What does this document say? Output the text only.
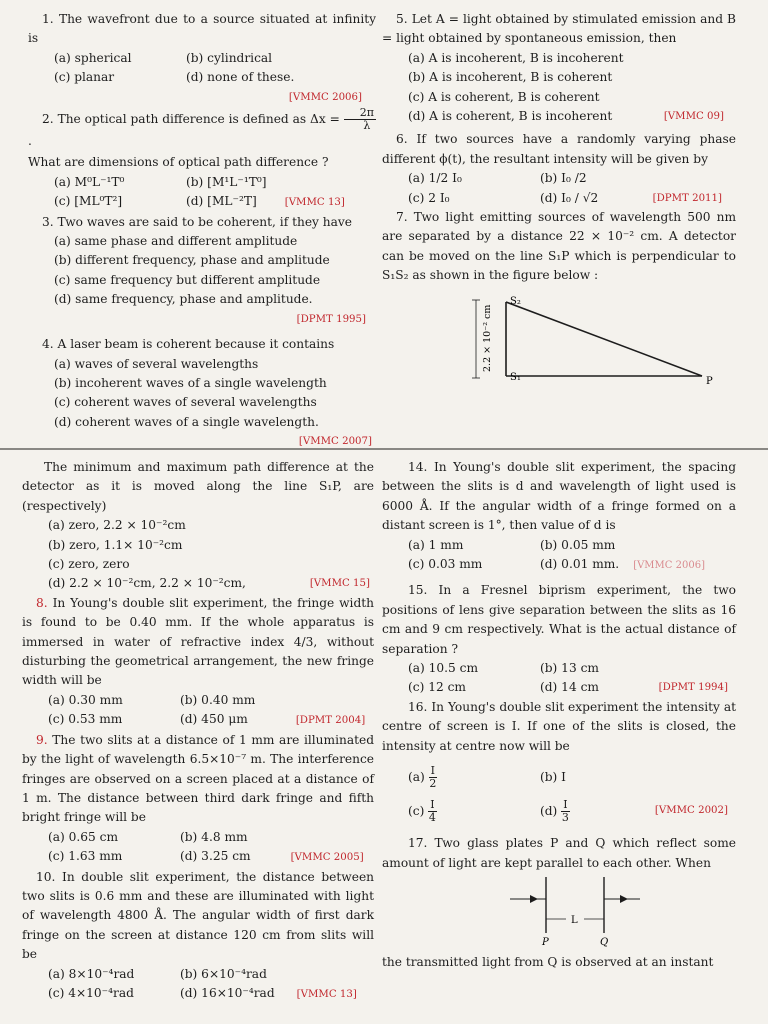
1. The wavefront due to a source situated at infinity is

(a) spherical	(b) cylindrical
(c) planar	(d) none of these.
[VMMC 2006]

2. The optical path difference is defined as $\Delta x = \frac{2\pi}{\lambda}$
.

What are dimensions of optical path difference ?

(a) M⁰L⁻¹T⁰	(b) [M¹L⁻¹T⁰]
(c) [ML⁰T²]	(d) [ML⁻²T]	[VMMC 13]

3. Two waves are said to be coherent, if they have

(a) same phase and different amplitude
(b) different frequency, phase and amplitude
(c) same frequency but different amplitude
(d) same frequency, phase and amplitude.
[DPMT 1995]

4. A laser beam is coherent because it contains

(a) waves of several wavelengths
(b) incoherent waves of a single wavelength
(c) coherent waves of several wavelengths
(d) coherent waves of a single wavelength.
[VMMC 2007]

5. Let A = light obtained by stimulated emission and B = light obtained by spontaneous emission, then

(a) A is incoherent, B is incoherent
(b) A is incoherent, B is coherent
(c) A is coherent, B is coherent
(d) A is coherent, B is incoherent	[VMMC 09]

6. If two sources have a randomly varying phase different ϕ(t), the resultant intensity will be given by

(a) 1/2 I₀	(b) I₀ /2
(c) 2 I₀	(d) I₀ / √2	[DPMT 2011]

7. Two light emitting sources of wavelength 500 nm are separated by a distance 22 × 10⁻² cm. A detector can be moved on the line S₁P which is perpendicular to S₁S₂ as shown in the figure below :

S₂
S₁	P
2.2 × 10⁻² cm

The minimum and maximum path difference at the detector as it is moved along the line S₁P, are (respectively)

(a) zero, 2.2 × 10⁻²cm
(b) zero, 1.1× 10⁻²cm
(c) zero, zero
(d) 2.2 × 10⁻²cm, 2.2 × 10⁻²cm,	[VMMC 15]

8. In Young's double slit experiment, the fringe width is found to be 0.40 mm. If the whole apparatus is immersed in water of refractive index 4/3, without disturbing the geometrical arrangement, the new fringe width will be

(a) 0.30 mm	(b) 0.40 mm
(c) 0.53 mm	(d) 450 μm	[DPMT 2004]

9. The two slits at a distance of 1 mm are illuminated by the light of wavelength 6.5×10⁻⁷ m. The interference fringes are observed on a screen placed at a distance of 1 m. The distance between third dark fringe and fifth bright fringe will be

(a) 0.65 cm	(b) 4.8 mm
(c) 1.63 mm	(d) 3.25 cm	[VMMC 2005]

10. In double slit experiment, the distance between two slits is 0.6 mm and these are illuminated with light of wavelength 4800 Å. The angular width of first dark fringe on the screen at distance 120 cm from slits will be

(a) 8×10⁻⁴rad	(b) 6×10⁻⁴rad
(c) 4×10⁻⁴rad	(d) 16×10⁻⁴rad [VMMC 13]

14. In Young's double slit experiment, the spacing between the slits is d and wavelength of light used is 6000 Å. If the angular width of a fringe formed on a distant screen is 1°, then value of d is

(a) 1 mm	(b) 0.05 mm
(c) 0.03 mm	(d) 0.01 mm. [VMMC 2006]

15. In a Fresnel biprism experiment, the two positions of lens give separation between the slits as 16 cm and 9 cm respectively. What is the actual distance of separation ?

(a) 10.5 cm	(b) 13 cm
(c) 12 cm	(d) 14 cm	[DPMT 1994]

16. In Young's double slit experiment the intensity at centre of screen is I. If one of the slits is closed, the intensity at centre now will be

$(a) \frac{I}{2}$	(b) I
$(c) \frac{I}{4}$	$(d) \frac{I}{3}$	[VMMC 2002]

17. Two glass plates P and Q which reflect some amount of light are kept parallel to each other. When

L
P	Q

the transmitted light from Q is observed at an instant
